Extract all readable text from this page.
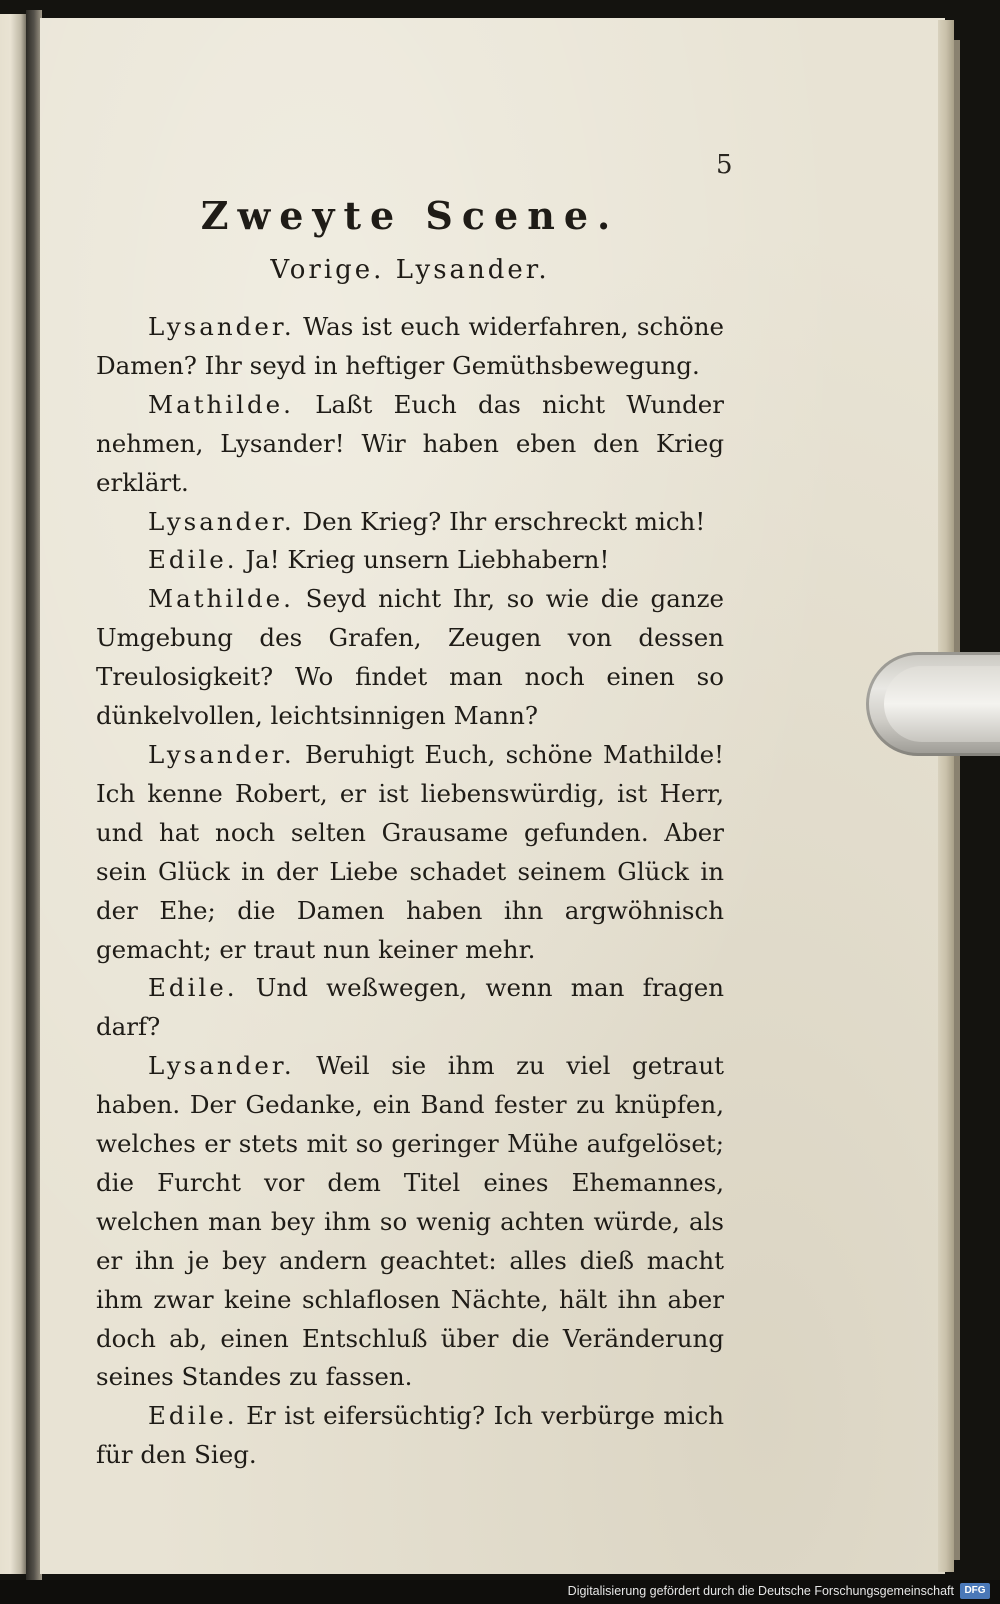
5
Zweyte Scene.
Vorige. Lysander.

Lysander. Was ist euch widerfahren, schöne Damen? Ihr seyd in heftiger Gemüthsbewegung.

Mathilde. Laßt Euch das nicht Wunder nehmen, Lysander! Wir haben eben den Krieg erklärt.

Lysander. Den Krieg? Ihr erschreckt mich!

Edile. Ja! Krieg unsern Liebhabern!

Mathilde. Seyd nicht Ihr, so wie die ganze Umgebung des Grafen, Zeugen von dessen Treulosigkeit? Wo findet man noch einen so dünkelvollen, leichtsinnigen Mann?

Lysander. Beruhigt Euch, schöne Mathilde! Ich kenne Robert, er ist liebenswürdig, ist Herr, und hat noch selten Grausame gefunden. Aber sein Glück in der Liebe schadet seinem Glück in der Ehe; die Damen haben ihn argwöhnisch gemacht; er traut nun keiner mehr.

Edile. Und weßwegen, wenn man fragen darf?

Lysander. Weil sie ihm zu viel getraut haben. Der Gedanke, ein Band fester zu knüpfen, welches er stets mit so geringer Mühe aufgelöset; die Furcht vor dem Titel eines Ehemannes, welchen man bey ihm so wenig achten würde, als er ihn je bey andern geachtet: alles dieß macht ihm zwar keine schlaflosen Nächte, hält ihn aber doch ab, einen Entschluß über die Veränderung seines Standes zu fassen.

Edile. Er ist eifersüchtig? Ich verbürge mich für den Sieg.

Digitalisierung gefördert durch die Deutsche Forschungsgemeinschaft	DFG
